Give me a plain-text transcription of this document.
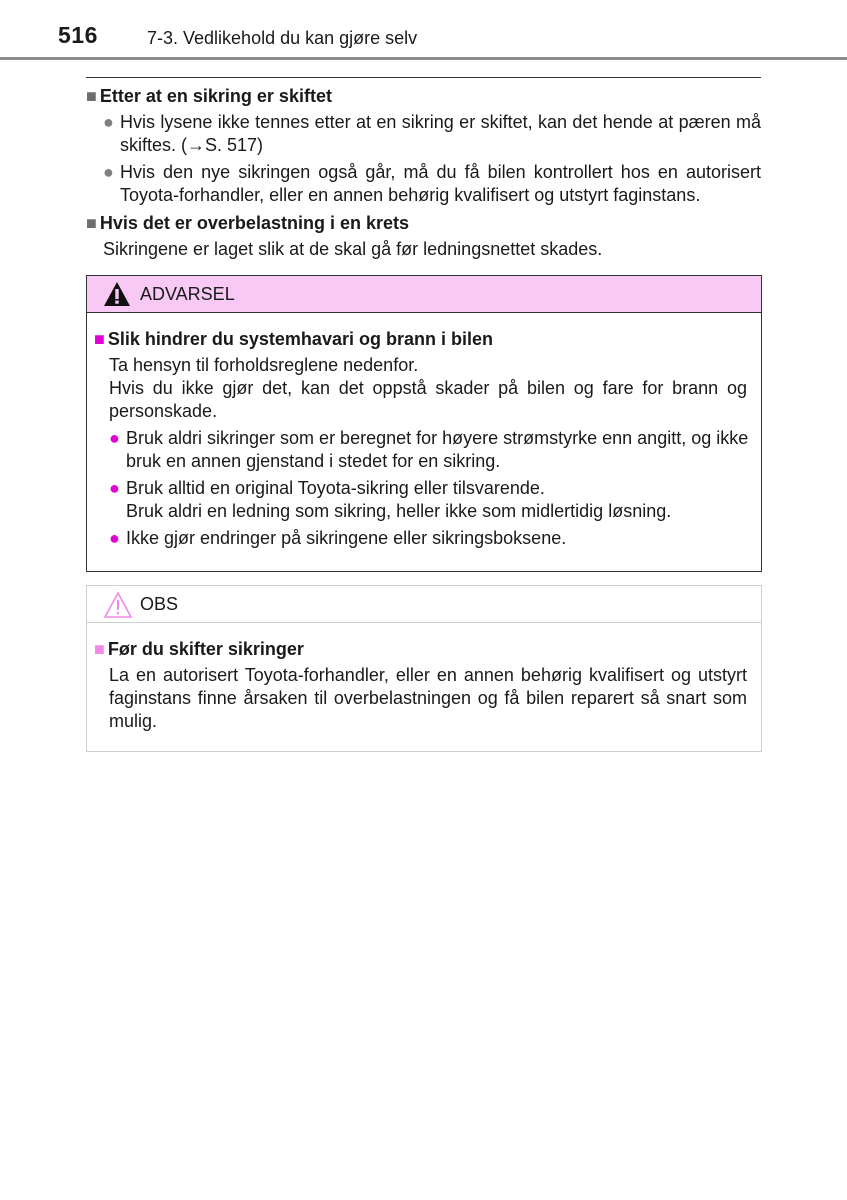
516	7-3. Vedlikehold du kan gjøre selv
■ Etter at en sikring er skiftet
● Hvis lysene ikke tennes etter at en sikring er skiftet, kan det hende at pæren må skiftes. (→S. 517)
● Hvis den nye sikringen også går, må du få bilen kontrollert hos en autorisert Toyota-forhandler, eller en annen behørig kvalifisert og utstyrt faginstans.
■ Hvis det er overbelastning i en krets
Sikringene er laget slik at de skal gå før ledningsnettet skades.
ADVARSEL
■ Slik hindrer du systemhavari og brann i bilen
Ta hensyn til forholdsreglene nedenfor.
Hvis du ikke gjør det, kan det oppstå skader på bilen og fare for brann og personskade.
● Bruk aldri sikringer som er beregnet for høyere strømstyrke enn angitt, og ikke bruk en annen gjenstand i stedet for en sikring.
● Bruk alltid en original Toyota-sikring eller tilsvarende.
Bruk aldri en ledning som sikring, heller ikke som midlertidig løsning.
● Ikke gjør endringer på sikringene eller sikringsboksene.
OBS
■ Før du skifter sikringer
La en autorisert Toyota-forhandler, eller en annen behørig kvalifisert og utstyrt faginstans finne årsaken til overbelastningen og få bilen reparert så snart som mulig.
